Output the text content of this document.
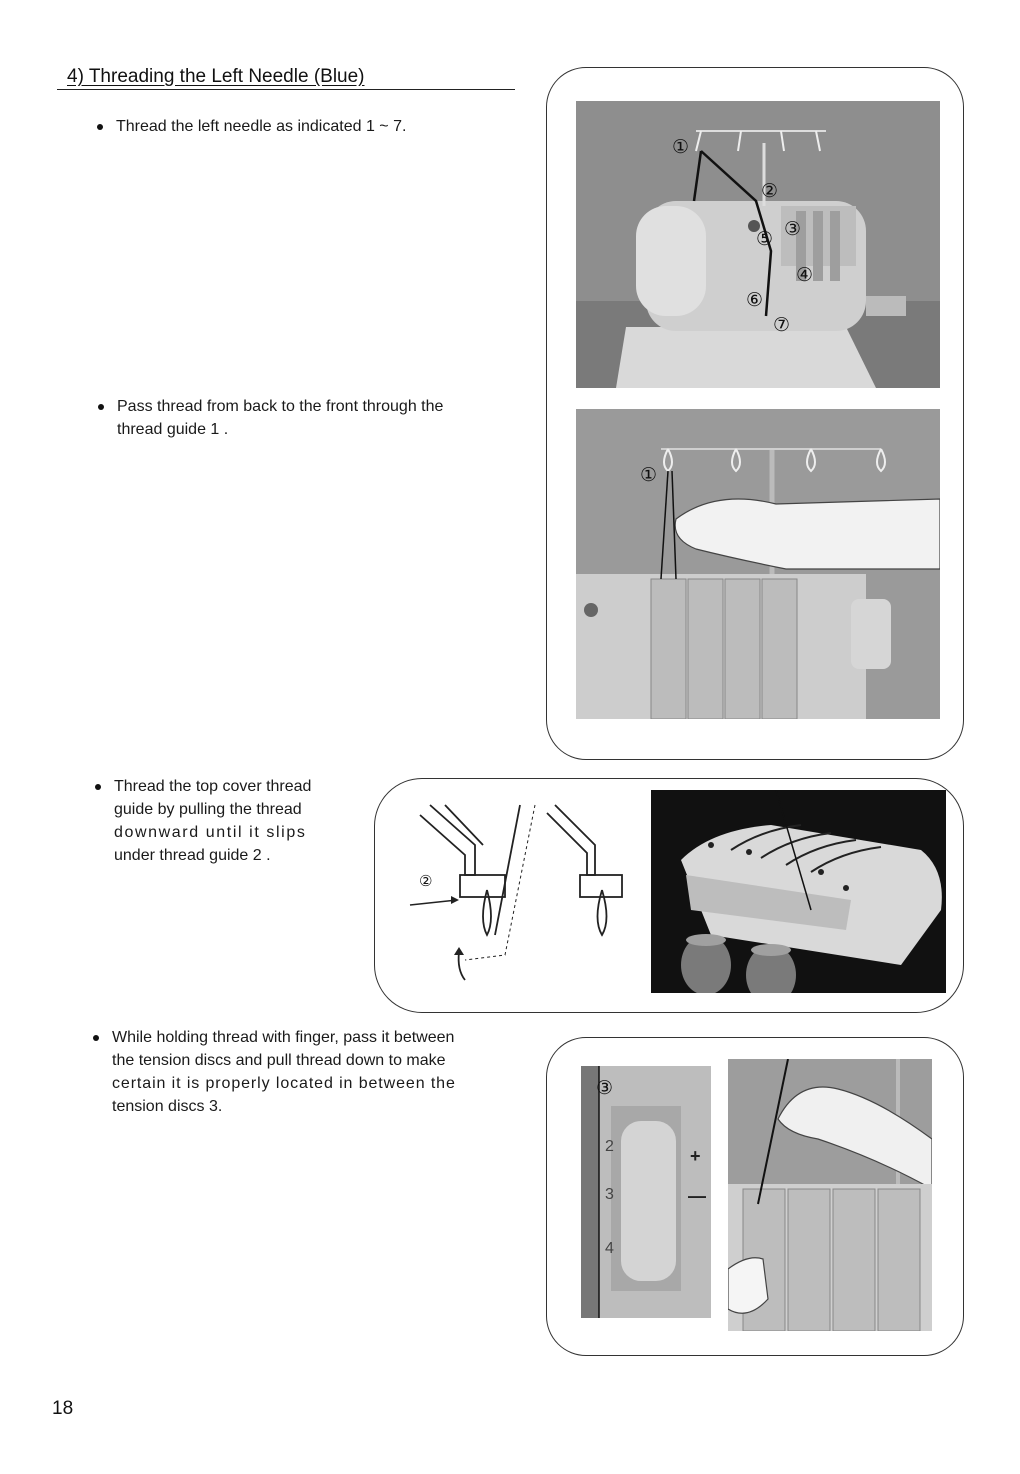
4) Threading the Left Needle (Blue)

Thread the left needle as indicated 1 ~ 7.

Pass thread from back to the front through the

thread guide 1 .

Thread the top cover thread

guide by pulling the thread

downward until it slips

under thread guide 2 .

While holding thread with finger, pass it between

the tension discs and pull thread down to make

certain it is properly located in between the

tension discs 3.

①
②
③
④
⑤
⑥
⑦
①
②
③
2
3
4
+
—
18
